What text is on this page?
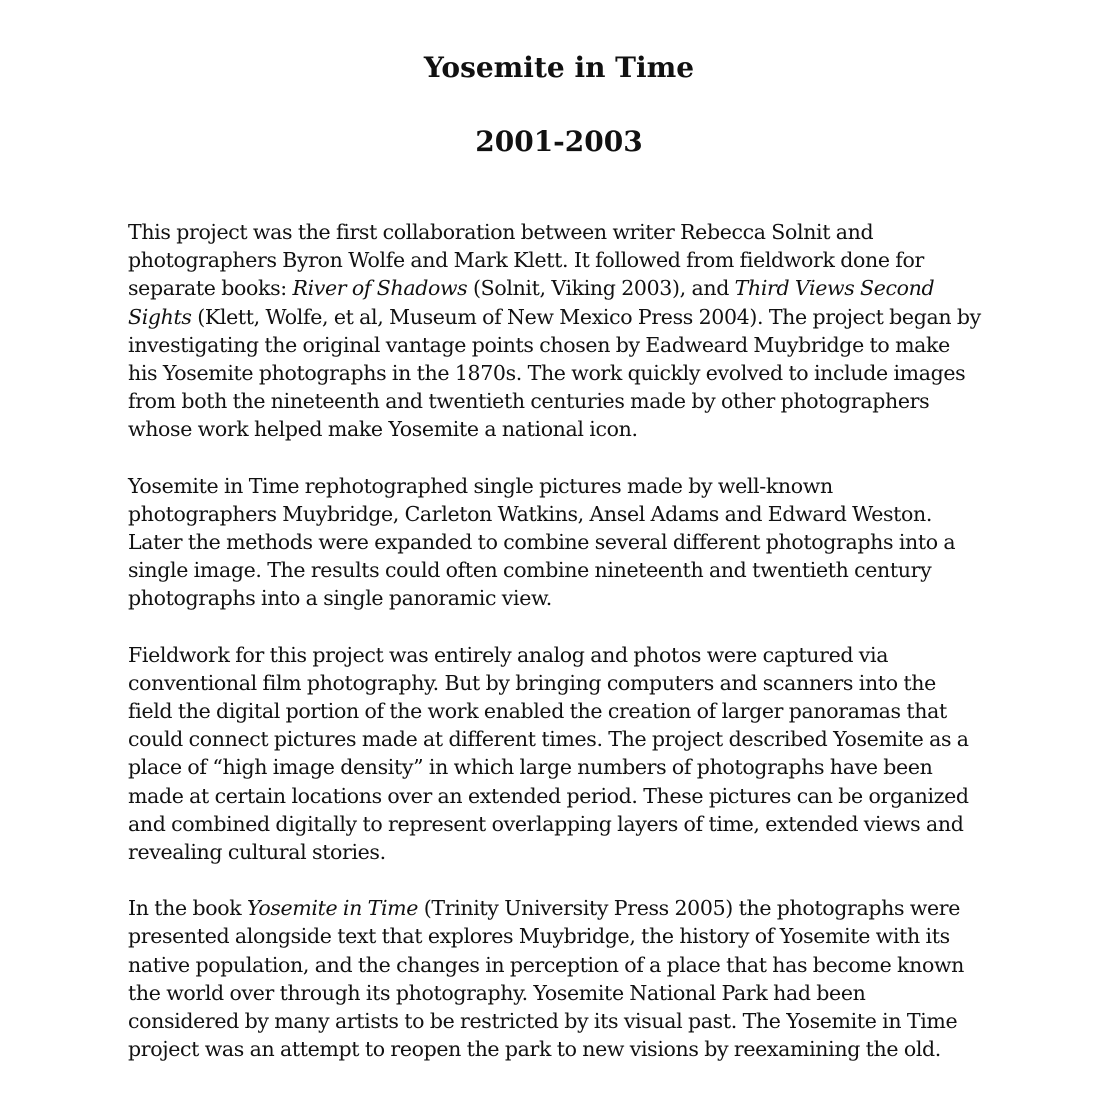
Yosemite in Time
2001-2003

This project was the first collaboration between writer Rebecca Solnit and
photographers Byron Wolfe and Mark Klett. It followed from fieldwork done for
separate books: River of Shadows (Solnit, Viking 2003), and Third Views Second
Sights (Klett, Wolfe, et al, Museum of New Mexico Press 2004). The project began by
investigating the original vantage points chosen by Eadweard Muybridge to make
his Yosemite photographs in the 1870s. The work quickly evolved to include images
from both the nineteenth and twentieth centuries made by other photographers
whose work helped make Yosemite a national icon.

Yosemite in Time rephotographed single pictures made by well-known
photographers Muybridge, Carleton Watkins, Ansel Adams and Edward Weston.
Later the methods were expanded to combine several different photographs into a
single image. The results could often combine nineteenth and twentieth century
photographs into a single panoramic view.

Fieldwork for this project was entirely analog and photos were captured via
conventional film photography. But by bringing computers and scanners into the
field the digital portion of the work enabled the creation of larger panoramas that
could connect pictures made at different times. The project described Yosemite as a
place of “high image density” in which large numbers of photographs have been
made at certain locations over an extended period. These pictures can be organized
and combined digitally to represent overlapping layers of time, extended views and
revealing cultural stories.

In the book Yosemite in Time (Trinity University Press 2005) the photographs were
presented alongside text that explores Muybridge, the history of Yosemite with its
native population, and the changes in perception of a place that has become known
the world over through its photography. Yosemite National Park had been
considered by many artists to be restricted by its visual past. The Yosemite in Time
project was an attempt to reopen the park to new visions by reexamining the old.
